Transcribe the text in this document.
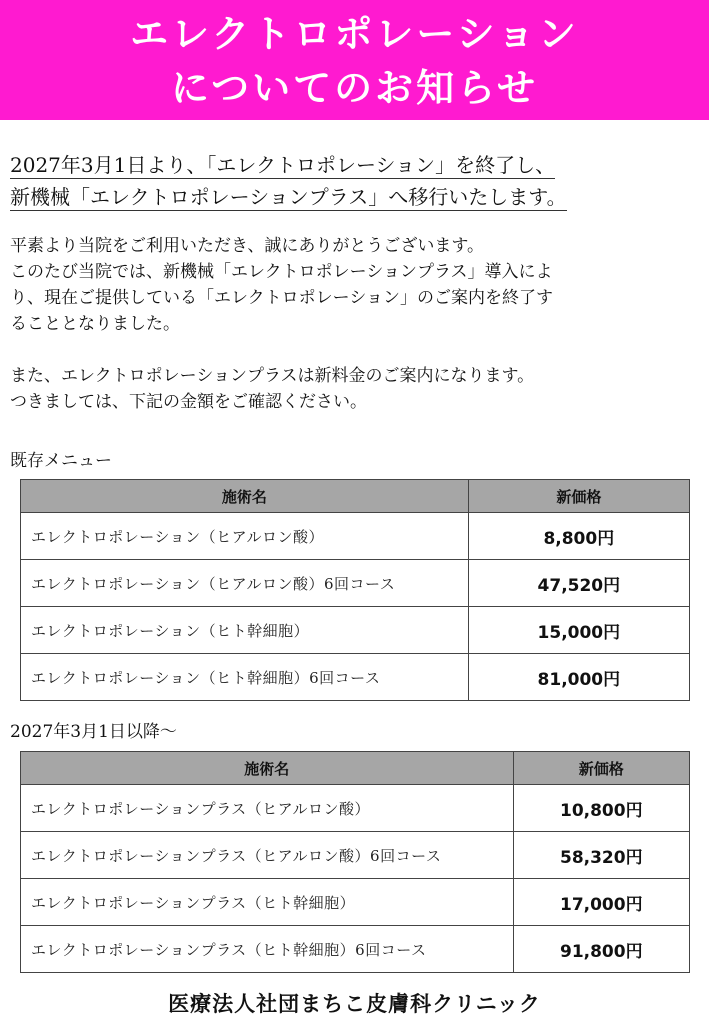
エレクトロポレーション
についてのお知らせ
2027年3月1日より、「エレクトロポレーション」を終了し、
新機械「エレクトロポレーションプラス」へ移行いたします。

平素より当院をご利用いただき、誠にありがとうございます。

このたび当院では、新機械「エレクトロポレーションプラス」導入によ

り、現在ご提供している「エレクトロポレーション」のご案内を終了す

ることとなりました。

また、エレクトロポレーションプラスは新料金のご案内になります。

つきましては、下記の金額をご確認ください。

既存メニュー
施術名	新価格
エレクトロポレーション（ヒアルロン酸）	8,800円
エレクトロポレーション（ヒアルロン酸）6回コース	47,520円
エレクトロポレーション（ヒト幹細胞）	15,000円
エレクトロポレーション（ヒト幹細胞）6回コース	81,000円
2027年3月1日以降～
施術名	新価格
エレクトロポレーションプラス（ヒアルロン酸）	10,800円
エレクトロポレーションプラス（ヒアルロン酸）6回コース	58,320円
エレクトロポレーションプラス（ヒト幹細胞）	17,000円
エレクトロポレーションプラス（ヒト幹細胞）6回コース	91,800円
医療法人社団まちこ皮膚科クリニック
